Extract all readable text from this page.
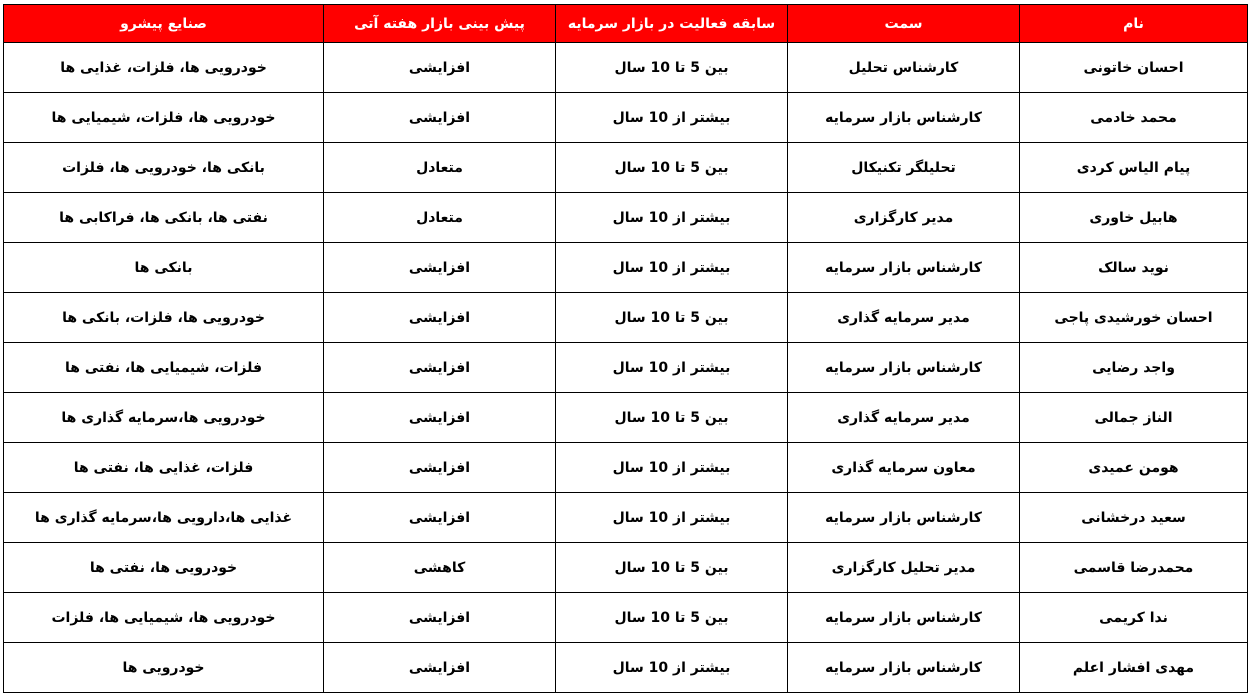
نام	سمت	سابقه فعالیت در بازار سرمایه	پیش بینی بازار هفته آتی	صنایع پیشرو
احسان خاتونی	کارشناس تحلیل	بین 5 تا 10 سال	افزایشی	خودرویی ها، فلزات، غذایی ها
محمد خادمی	کارشناس بازار سرمایه	بیشتر از 10 سال	افزایشی	خودرویی ها، فلزات، شیمیایی ها
پیام الیاس کردی	تحلیلگر تکنیکال	بین 5 تا 10 سال	متعادل	بانکی ها، خودرویی ها، فلزات
هابیل خاوری	مدیر کارگزاری	بیشتر از 10 سال	متعادل	نفتی ها، بانکی ها، فراکابی ها
نوید سالک	کارشناس بازار سرمایه	بیشتر از 10 سال	افزایشی	بانکی ها
احسان خورشیدی پاجی	مدیر سرمایه گذاری	بین 5 تا 10 سال	افزایشی	خودرویی ها، فلزات، بانکی ها
واجد رضایی	کارشناس بازار سرمایه	بیشتر از 10 سال	افزایشی	فلزات، شیمیایی ها، نفتی ها
الناز جمالی	مدیر سرمایه گذاری	بین 5 تا 10 سال	افزایشی	خودرویی ها،سرمایه گذاری ها
هومن عمیدی	معاون سرمایه گذاری	بیشتر از 10 سال	افزایشی	فلزات، غذایی ها، نفتی ها
سعید درخشانی	کارشناس بازار سرمایه	بیشتر از 10 سال	افزایشی	غذایی ها،دارویی ها،سرمایه گذاری ها
محمدرضا قاسمی	مدیر تحلیل کارگزاری	بین 5 تا 10 سال	کاهشی	خودرویی ها، نفتی ها
ندا کریمی	کارشناس بازار سرمایه	بین 5 تا 10 سال	افزایشی	خودرویی ها، شیمیایی ها، فلزات
مهدی افشار اعلم	کارشناس بازار سرمایه	بیشتر از 10 سال	افزایشی	خودرویی ها
